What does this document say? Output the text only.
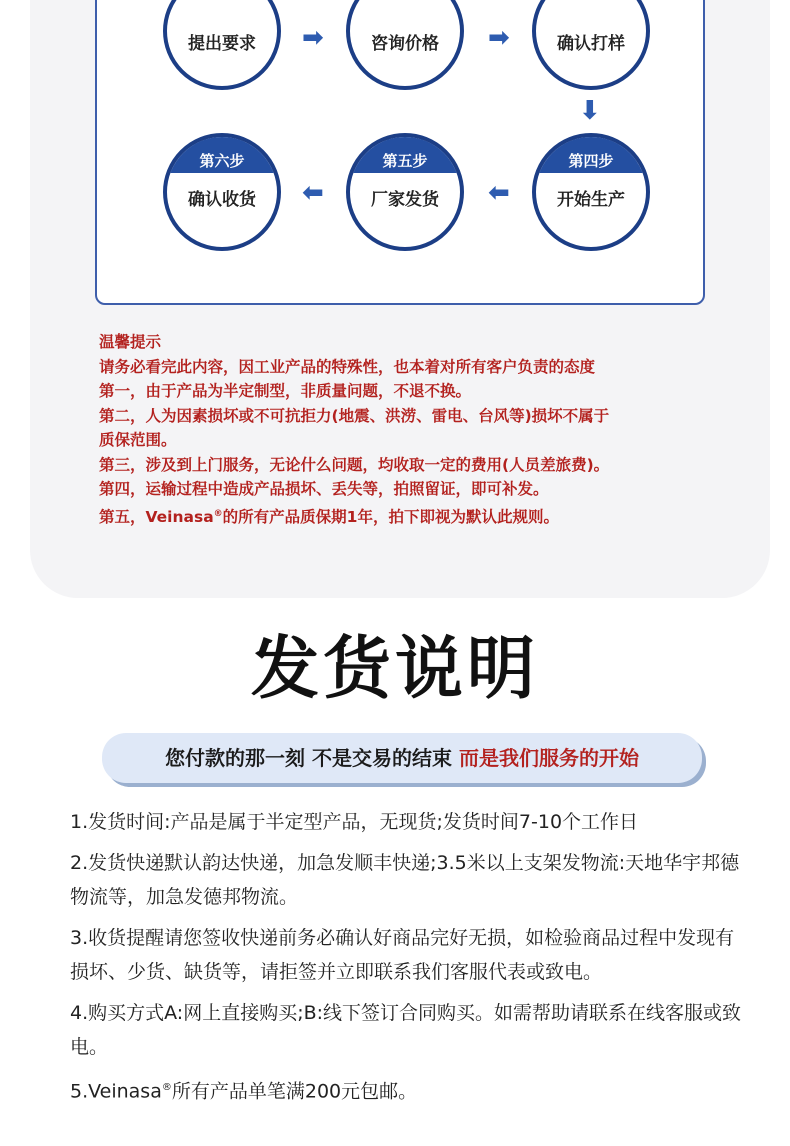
提出要求	➡	咨询价格	➡	确认打样
⬇
第六步
确认收货	⬅
第五步
厂家发货	⬅
第四步
开始生产
温馨提示
请务必看完此内容，因工业产品的特殊性，也本着对所有客户负责的态度
第一，由于产品为半定制型，非质量问题，不退不换。
第二，人为因素损坏或不可抗拒力(地震、洪涝、雷电、台风等)损坏不属于
质保范围。
第三，涉及到上门服务，无论什么问题，均收取一定的费用(人员差旅费)。
第四，运输过程中造成产品损坏、丢失等，拍照留证，即可补发。
第五，Veinasa®的所有产品质保期1年，拍下即视为默认此规则。
发货说明
您付款的那一刻 不是交易的结束 而是我们服务的开始

1.发货时间:产品是属于半定型产品，无现货;发货时间7-10个工作日

2.发货快递默认韵达快递，加急发顺丰快递;3.5米以上支架发物流:天地华宇邦德物流等，加急发德邦物流。

3.收货提醒请您签收快递前务必确认好商品完好无损，如检验商品过程中发现有损坏、少货、缺货等，请拒签并立即联系我们客服代表或致电。

4.购买方式A:网上直接购买;B:线下签订合同购买。如需帮助请联系在线客服或致电。

5.Veinasa®所有产品单笔满200元包邮。
